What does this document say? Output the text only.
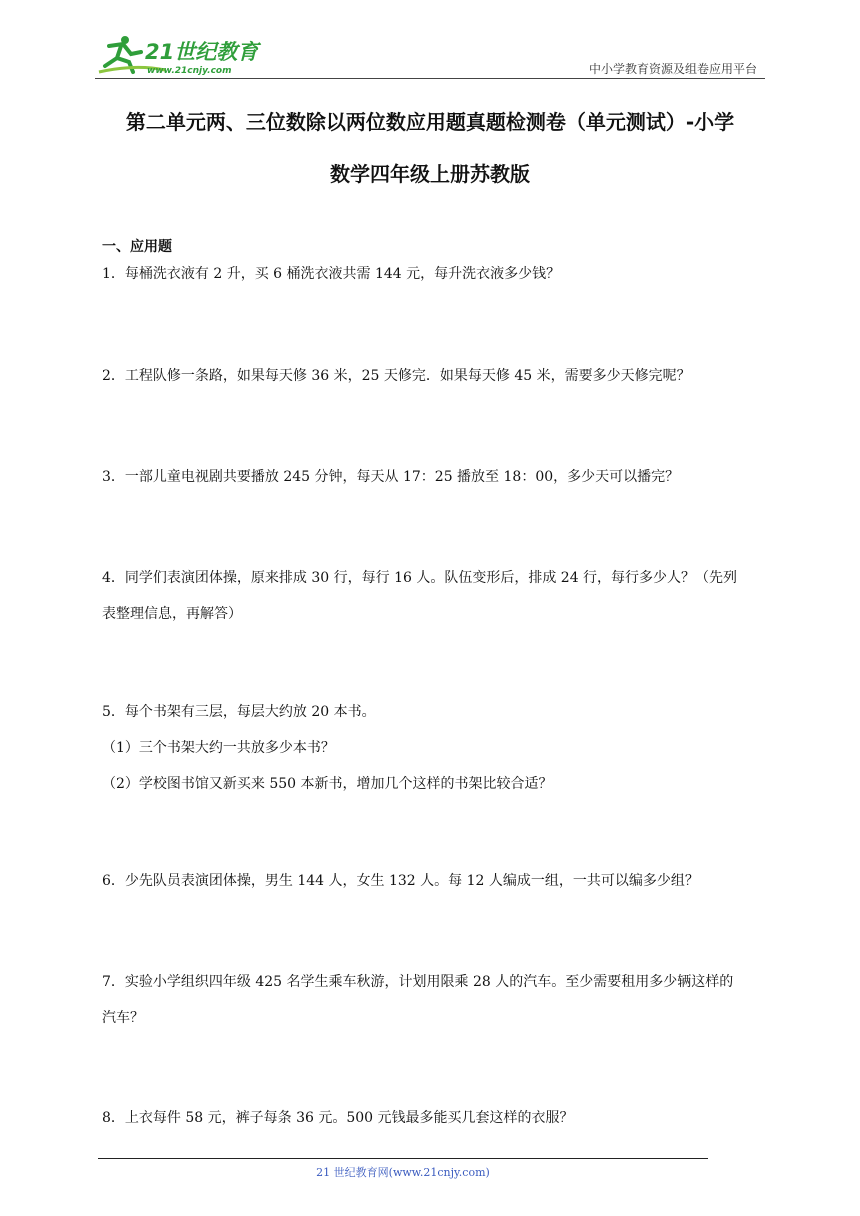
21世纪教育
www.21cnjy.com	中小学教育资源及组卷应用平台
第二单元两、三位数除以两位数应用题真题检测卷（单元测试）-小学
数学四年级上册苏教版
一、应用题
1．每桶洗衣液有 2 升，买 6 桶洗衣液共需 144 元，每升洗衣液多少钱？
2．工程队修一条路，如果每天修 36 米，25 天修完．如果每天修 45 米，需要多少天修完呢？
3．一部儿童电视剧共要播放 245 分钟，每天从 17：25 播放至 18：00，多少天可以播完？
4．同学们表演团体操，原来排成 30 行，每行 16 人。队伍变形后，排成 24 行，每行多少人？（先列
表整理信息，再解答）
5．每个书架有三层，每层大约放 20 本书。
（1）三个书架大约一共放多少本书？
（2）学校图书馆又新买来 550 本新书，增加几个这样的书架比较合适？
6．少先队员表演团体操，男生 144 人，女生 132 人。每 12 人编成一组，一共可以编多少组？
7．实验小学组织四年级 425 名学生乘车秋游，计划用限乘 28 人的汽车。至少需要租用多少辆这样的
汽车？
8．上衣每件 58 元，裤子每条 36 元。500 元钱最多能买几套这样的衣服？
21 世纪教育网(www.21cnjy.com)
